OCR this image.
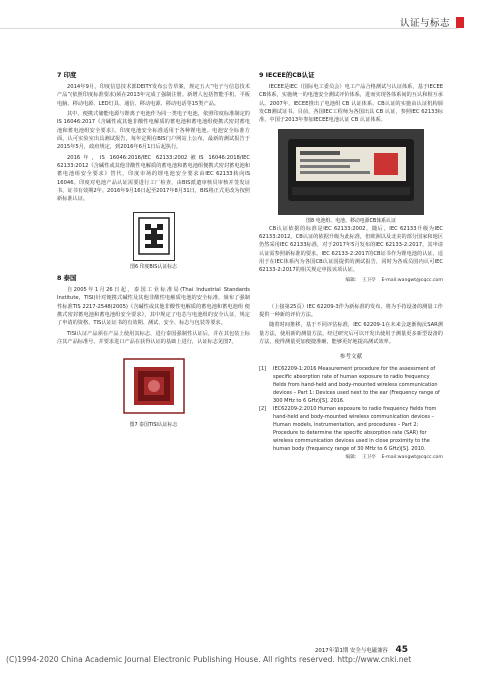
认证与标志
7 印度
2014年9月，印度信息技术部DEITY发布公告草案，规定五大“电子与信息技术产品”(依照印度标准要求)须在2013年完成了强制注册。新增人包括智能手机、平板电脑、移动电源、LED灯具、通信、移动电源、移动电话等15类产品。
其中，便携式储能电源与锂离子电池作为同一类电子电池，依照印度标准制定的IS 16046:2017《含碱性或其他非酸性电解质的蓄电池和蓄电池组便携式密封蓄电池和蓄电池组安全要求》。印度电池安全标准适用于各种锂电池。电池安全标准方面，认可实验室出具测试报告，每年定期在BIS门户网站上公布，最新的测试报告于2015年5月，政府规定，到2016年6月1日后起执行。
2016年，IS 16046:2016/IEC 62133:2002被IS 16046:2018/IEC 62133:2012《含碱性或其他非酸性电解质的蓄电池和蓄电池组便携式密封蓄电池和蓄电池组安全要求》替代，印度市场的锂电池安全要求由IEC 62133转向IS 16046。印度对电池产品认证需要进行工厂检查，由BIS派遣审核员审核并签发证书，证书有效期2年。2016年9月16日起至2017年8月31日，BIS将正式更改为按照新标准认证。
图6 印度BIS认证标志
8 泰国
自2005年1月26日起，泰国工业标准局(Thai Industrial Standards Institute，TISI)针对便携式碱性及其他非酸性电解质电池的安全标准，颁布了强制性标准TIS 2217-2548(2005)《含碱性或其他非酸性电解质的蓄电池和蓄电池组 便携式密封蓄电池和蓄电池组安全要求》，其中规定了电芯与电池组的安全认证，规定了申请的资格、TIS认证证书的有效期、测试、安全、标志与包装等要求。
TISI认证产品须在产品上使用其标志，进行泰国强制性认证后，并在其包装上标注其产品标准号，并要求进口产品在获得认证的基础上进行，认证标志见图7。
图7 泰国TISI认证标志
9 IECEE的CB认证
IECEE是IEC（国际电工委员会）电工产品合格测试与认证体系，基于IECEE CB体系，实施统一的电池安全测试评价体系，进而实现各体系间的互认和相互承认。2007年，IECEE推出了电池组 CB 认证体系，CB认证的实施由认证机构颁发CB测试证书。目前，各国IEC工程师为各国出具 CB 认证，参照IEC 62133标准，中国于2013年参加IECEE电池认证 CB 认证体系。
图8 电池组、电池、移动电源CB体系认证
CB认证依据的标准是IEC 62133:2002。随后，IEC 62133升级为IEC 62133:2012。CB认证的依据升级为此标准，但欧洲以及北美的部分国家和地区仍然采用IEC 62133标准，对于2017年5月发布的IEC 62133-2:2017，其申请认证需参照新标准的要求。IEC 62133-2:2017的CB证书作为锂电池的认证，适用于在IEC体系内为各国CB认证国提供的测试报告，同时为各成员国内认可IEC 62133-2:2017的相关规定申报该项认证。
编辑: 王卫亭 E-mail:wangwt@cqcc.com
（上接第25页）IEC 62209-3作为新标准的发布，将为手持设备的测量工作提供一种新的评价方法。
随着时间推移，基于不同评估标准，IEC 62209-1在未来会逐渐淘汰SAR测量方法，使用新的测量方法，经过研究后可以开发出使用于测量更多新型设备的方法，使得测量更加便捷准确，能够更好地提高测试效率。
参考文献
[1]	IEC62209-1:2016 Measurement procedure for the assessment of specific absorption rate of human exposure to radio frequency fields from hand-held and body-mounted wireless communication devices – Part 1: Devices used next to the ear (Frequency range of 300 MHz to 6 GHz)[S]. 2016.
[2]	IEC62209-2:2010 Human exposure to radio frequency fields from hand-held and body-mounted wireless communication devices – Human models, instrumentation, and procedures – Part 2: Procedure to determine the specific absorption rate (SAR) for wireless communication devices used in close proximity to the human body (frequency range of 30 MHz to 6 GHz)[S]. 2010.
编辑: 王卫亭 E-mail:wangwt@cqcc.com
2017年第1期 安全与电磁兼容 45
(C)1994-2020 China Academic Journal Electronic Publishing House. All rights reserved. http://www.cnki.net
